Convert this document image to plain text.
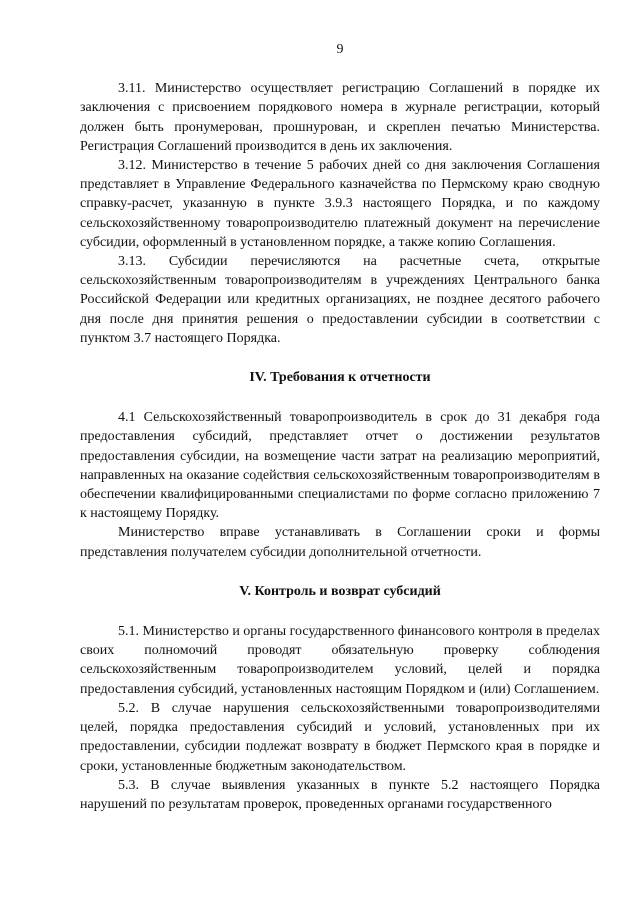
9

3.11. Министерство осуществляет регистрацию Соглашений в порядке их заключения с присвоением порядкового номера в журнале регистрации, который должен быть пронумерован, прошнурован, и скреплен печатью Министерства. Регистрация Соглашений производится в день их заключения.

3.12. Министерство в течение 5 рабочих дней со дня заключения Соглашения представляет в Управление Федерального казначейства по Пермскому краю сводную справку-расчет, указанную в пункте 3.9.3 настоящего Порядка, и по каждому сельскохозяйственному товаропроизводителю платежный документ на перечисление субсидии, оформленный в установленном порядке, а также копию Соглашения.

3.13. Субсидии перечисляются на расчетные счета, открытые сельскохозяйственным товаропроизводителям в учреждениях Центрального банка Российской Федерации или кредитных организациях, не позднее десятого рабочего дня после дня принятия решения о предоставлении субсидии в соответствии с пунктом 3.7 настоящего Порядка.

IV. Требования к отчетности

4.1 Сельскохозяйственный товаропроизводитель в срок до 31 декабря года предоставления субсидий, представляет отчет о достижении результатов предоставления субсидии, на возмещение части затрат на реализацию мероприятий, направленных на оказание содействия сельскохозяйственным товаропроизводителям в обеспечении квалифицированными специалистами по форме согласно приложению 7 к настоящему Порядку.

Министерство вправе устанавливать в Соглашении сроки и формы представления получателем субсидии дополнительной отчетности.

V. Контроль и возврат субсидий

5.1. Министерство и органы государственного финансового контроля в пределах своих полномочий проводят обязательную проверку соблюдения сельскохозяйственным товаропроизводителем условий, целей и порядка предоставления субсидий, установленных настоящим Порядком и (или) Соглашением.

5.2. В случае нарушения сельскохозяйственными товаропроизводителями целей, порядка предоставления субсидий и условий, установленных при их предоставлении, субсидии подлежат возврату в бюджет Пермского края в порядке и сроки, установленные бюджетным законодательством.

5.3. В случае выявления указанных в пункте 5.2 настоящего Порядка нарушений по результатам проверок, проведенных органами государственного
